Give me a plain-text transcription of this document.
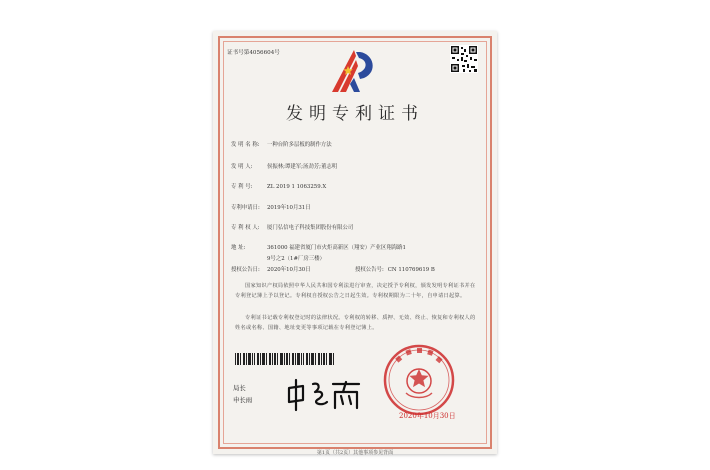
证书号第4056604号
发明专利证书
发 明 名 称: 一种台阶多层板的制作方法
发 明 人:	侯振林;谭建军;汤劲芳;董志明
专 利 号:	ZL 2019 1 1063259.X
专利申请日: 2019年10月31日
专 利 权 人: 厦门弘信电子科技集团股份有限公司
地 址:	361000 福建省厦门市火炬高新区（翔安）产业区翔海路1
9号之2（1#厂房三楼）
授权公告日: 2020年10月30日	授权公告号: CN 110769619 B
国家知识产权局依照中华人民共和国专利法进行审查，决定授予专利权，颁发发明专利证书并在专利登记簿上予以登记。专利权自授权公告之日起生效。专利权期限为二十年，自申请日起算。
专利证书记载专利权登记时的法律状况。专利权的转移、质押、无效、终止、恢复和专利权人的姓名或名称、国籍、地址变更等事项记载在专利登记簿上。
局长
申长雨
2020年10月30日
第1页（共2页）其他事项参见背面
